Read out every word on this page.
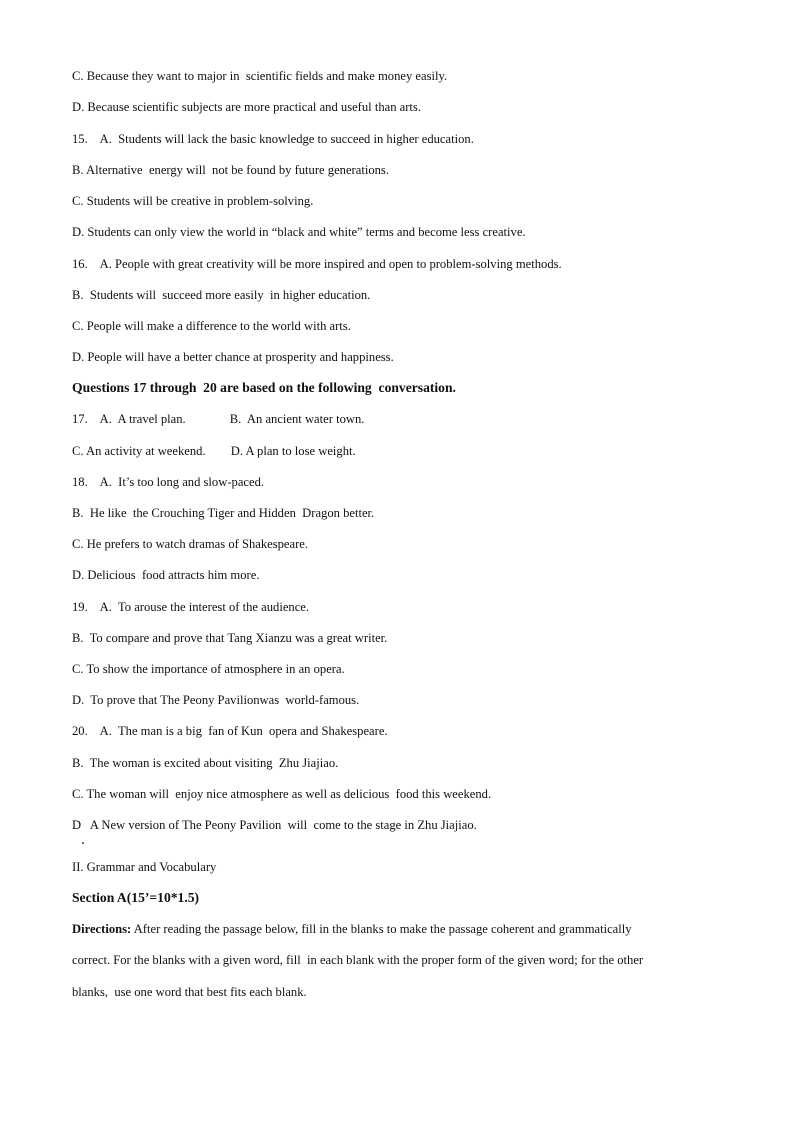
C. Because they want to major in  scientific fields and make money easily.
D. Because scientific subjects are more practical and useful than arts.
15.    A.  Students will lack the basic knowledge to succeed in higher education.
B. Alternative  energy will  not be found by future generations.
C. Students will be creative in problem-solving.
D. Students can only view the world in “black and white” terms and become less creative.
16.    A. People with great creativity will be more inspired and open to problem-solving methods.
B.  Students will  succeed more easily  in higher education.
C. People will make a difference to the world with arts.
D. People will have a better chance at prosperity and happiness.
Questions 17 through  20 are based on the following  conversation.
17.    A.  A travel plan.              B.  An ancient water town.
C. An activity at weekend.        D. A plan to lose weight.
18.    A.  It’s too long and slow-paced.
B.  He like  the Crouching Tiger and Hidden  Dragon better.
C. He prefers to watch dramas of Shakespeare.
D. Delicious  food attracts him more.
19.    A.  To arouse the interest of the audience.
B.  To compare and prove that Tang Xianzu was a great writer.
C. To show the importance of atmosphere in an opera.
D.  To prove that The Peony Pavilionwas  world-famous.
20.    A.  The man is a big  fan of Kun  opera and Shakespeare.
B.  The woman is excited about visiting  Zhu Jiajiao.
C. The woman will  enjoy nice atmosphere as well as delicious  food this weekend.
D   A New version of The Peony Pavilion  will  come to the stage in Zhu Jiajiao.
II. Grammar and Vocabulary
Section A(15’=10*1.5)
Directions: After reading the passage below, fill in the blanks to make the passage coherent and grammatically
correct. For the blanks with a given word, fill  in each blank with the proper form of the given word; for the other
blanks,  use one word that best fits each blank.
